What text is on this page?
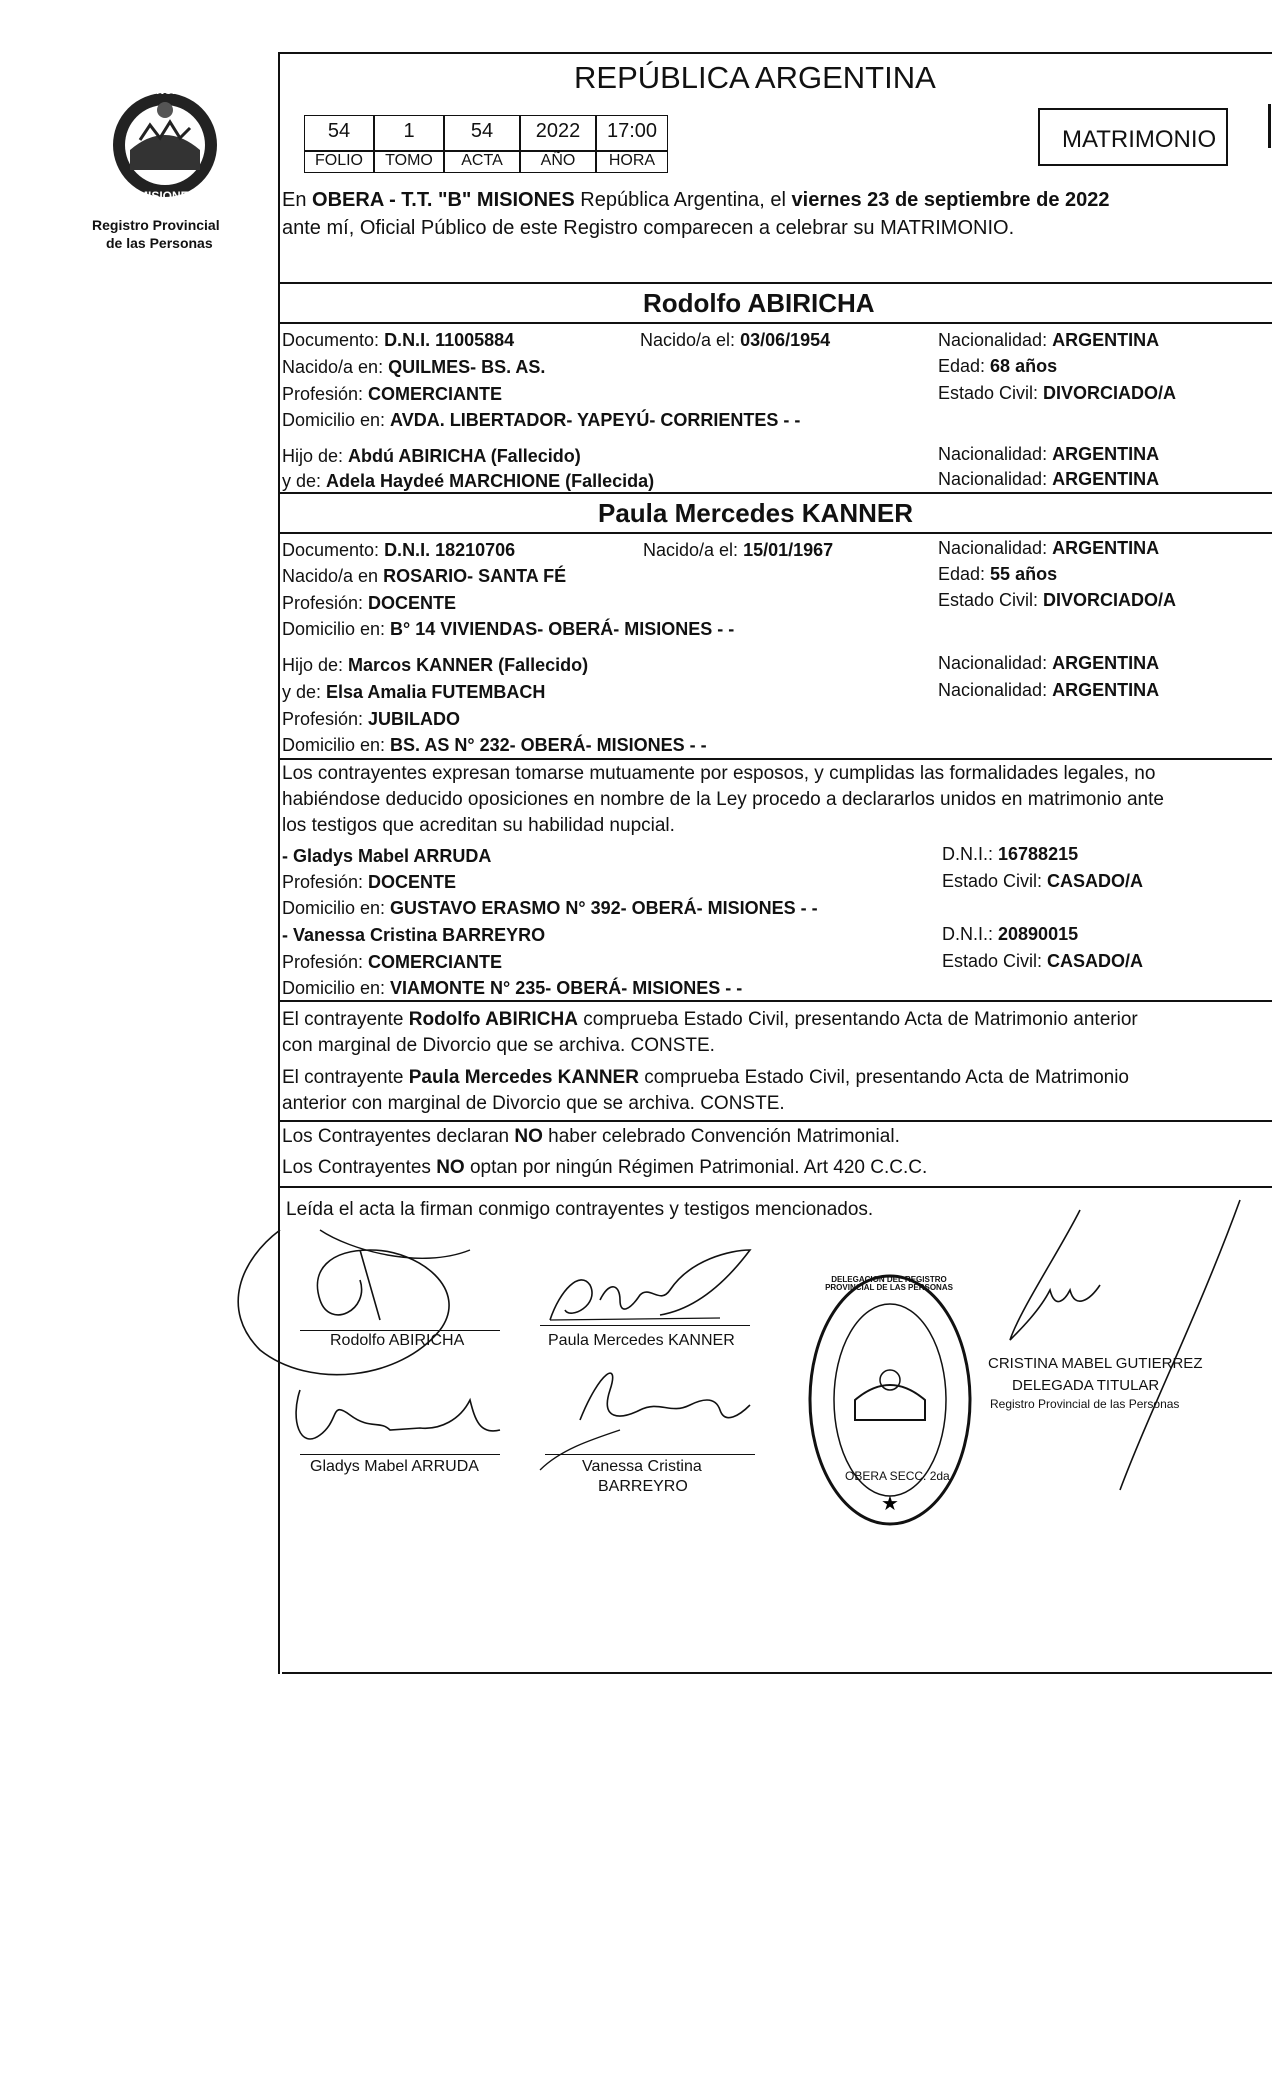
PROVINCIA DE
MISIONES
Registro Provincial
de las Personas
REPÚBLICA ARGENTINA
MATRIMONIO
54	1	54	2022	17:00
FOLIO	TOMO	ACTA	AÑO	HORA
En OBERA - T.T. "B" MISIONES República Argentina, el viernes 23 de septiembre de 2022
ante mí, Oficial Público de este Registro comparecen a celebrar su MATRIMONIO.
Rodolfo ABIRICHA
Documento: D.N.I. 11005884	Nacido/a el: 03/06/1954	Nacionalidad: ARGENTINA
Nacido/a en: QUILMES- BS. AS.	Edad: 68 años
Profesión: COMERCIANTE	Estado Civil: DIVORCIADO/A
Domicilio en: AVDA. LIBERTADOR- YAPEYÚ- CORRIENTES - -
Hijo de: Abdú ABIRICHA (Fallecido)	Nacionalidad: ARGENTINA
y de: Adela Haydeé MARCHIONE (Fallecida)	Nacionalidad: ARGENTINA
Paula Mercedes KANNER
Documento: D.N.I. 18210706	Nacido/a el: 15/01/1967	Nacionalidad: ARGENTINA
Nacido/a en ROSARIO- SANTA FÉ	Edad: 55 años
Profesión: DOCENTE	Estado Civil: DIVORCIADO/A
Domicilio en: B° 14 VIVIENDAS- OBERÁ- MISIONES - -
Hijo de: Marcos KANNER (Fallecido)	Nacionalidad: ARGENTINA
y de: Elsa Amalia FUTEMBACH	Nacionalidad: ARGENTINA
Profesión: JUBILADO
Domicilio en: BS. AS N° 232- OBERÁ- MISIONES - -
Los contrayentes expresan tomarse mutuamente por esposos, y cumplidas las formalidades legales, no
habiéndose deducido oposiciones en nombre de la Ley procedo a declararlos unidos en matrimonio ante
los testigos que acreditan su habilidad nupcial.
- Gladys Mabel ARRUDA	D.N.I.: 16788215
Profesión: DOCENTE	Estado Civil: CASADO/A
Domicilio en: GUSTAVO ERASMO N° 392- OBERÁ- MISIONES - -
- Vanessa Cristina BARREYRO	D.N.I.: 20890015
Profesión: COMERCIANTE	Estado Civil: CASADO/A
Domicilio en: VIAMONTE N° 235- OBERÁ- MISIONES - -
El contrayente Rodolfo ABIRICHA comprueba Estado Civil, presentando Acta de Matrimonio anterior
con marginal de Divorcio que se archiva. CONSTE.
El contrayente Paula Mercedes KANNER comprueba Estado Civil, presentando Acta de Matrimonio
anterior con marginal de Divorcio que se archiva. CONSTE.
Los Contrayentes declaran NO haber celebrado Convención Matrimonial.
Los Contrayentes NO optan por ningún Régimen Patrimonial. Art 420 C.C.C.
Leída el acta la firman conmigo contrayentes y testigos mencionados.
Rodolfo ABIRICHA	Paula Mercedes KANNER
Gladys Mabel ARRUDA	Vanessa Cristina
BARREYRO
★
DELEGACION DEL REGISTRO PROVINCIAL DE LAS PERSONAS
OBERA SECC. 2da
CRISTINA MABEL GUTIERREZ
DELEGADA TITULAR
Registro Provincial de las Personas
